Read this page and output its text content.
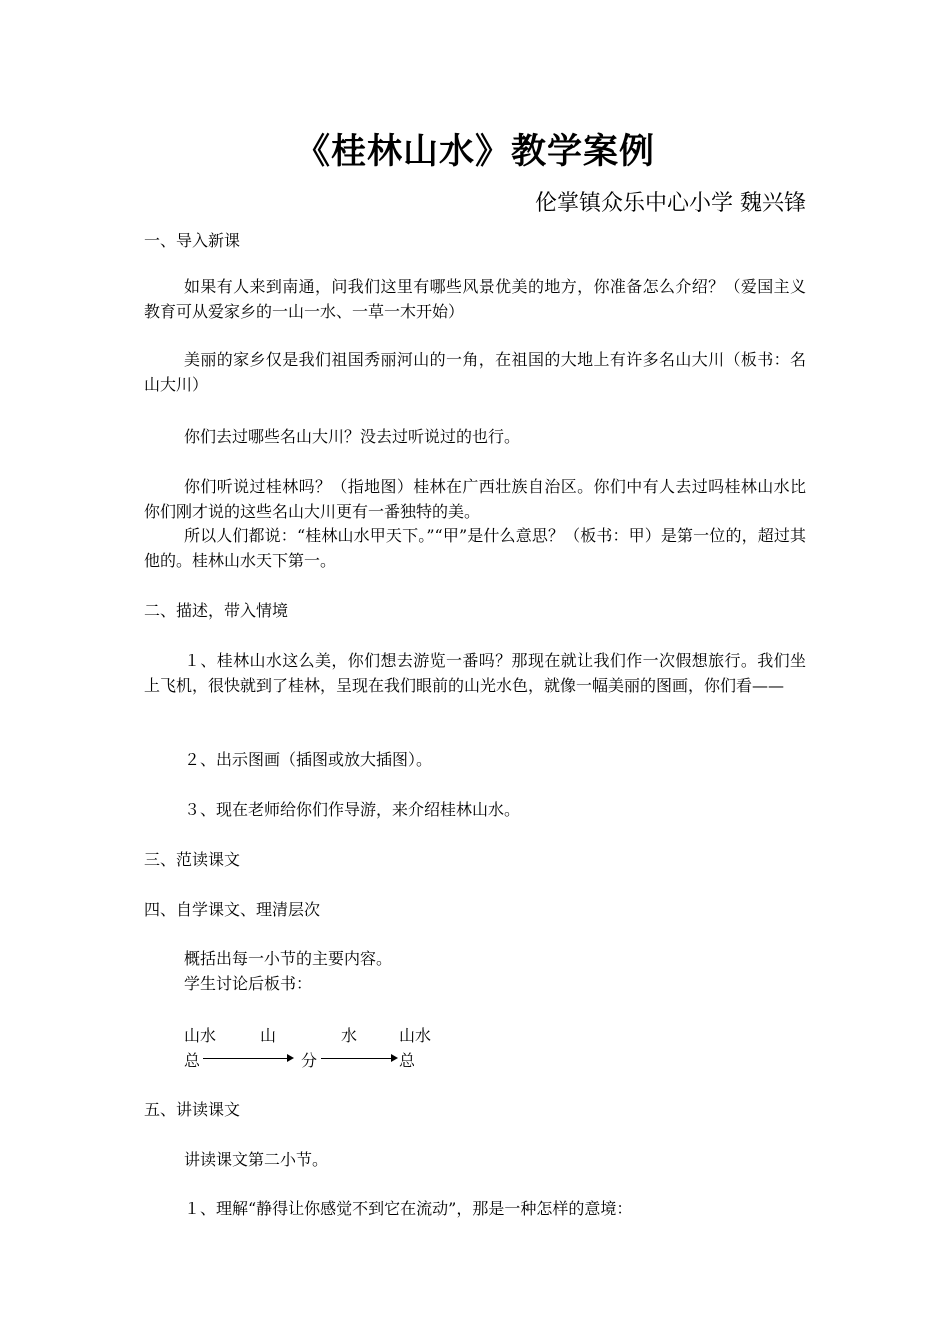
《桂林山水》教学案例
伦掌镇众乐中心小学 魏兴锋
一、导入新课

如果有人来到南通，问我们这里有哪些风景优美的地方，你准备怎么介绍？（爱国主义教育可从爱家乡的一山一水、一草一木开始）

美丽的家乡仅是我们祖国秀丽河山的一角，在祖国的大地上有许多名山大川（板书：名山大川）

你们去过哪些名山大川？没去过听说过的也行。

你们听说过桂林吗？（指地图）桂林在广西壮族自治区。你们中有人去过吗桂林山水比你们刚才说的这些名山大川更有一番独特的美。

所以人们都说：“桂林山水甲天下。”“甲”是什么意思？（板书：甲）是第一位的，超过其他的。桂林山水天下第一。

二、描述，带入情境

１、桂林山水这么美，你们想去游览一番吗？那现在就让我们作一次假想旅行。我们坐上飞机，很快就到了桂林，呈现在我们眼前的山光水色，就像一幅美丽的图画，你们看——

２、出示图画（插图或放大插图）。

３、现在老师给你们作导游，来介绍桂林山水。

三、范读课文
四、自学课文、理清层次

概括出每一小节的主要内容。

学生讨论后板书：

山水	山	水	山水
总	分	总
五、讲读课文

讲读课文第二小节。

１、理解“静得让你感觉不到它在流动”，那是一种怎样的意境：
